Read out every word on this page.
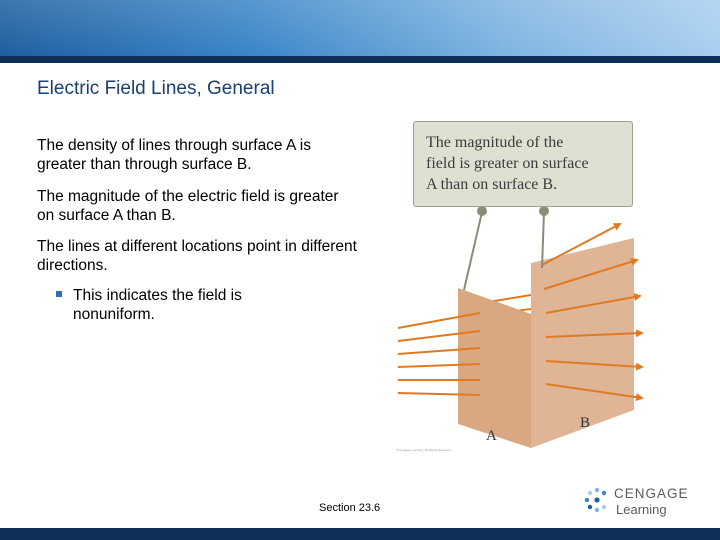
Electric Field Lines, General

The density of lines through surface A is greater than through surface B.

The magnitude of the electric field is greater on surface A than B.

The lines at different locations point in different directions.

This indicates the field is nonuniform.

The magnitude of the
field is greater on surface
A than on surface B.

A
B
©Cengage Learning. All Rights Reserved.
Section 23.6
CENGAGE
Learning
